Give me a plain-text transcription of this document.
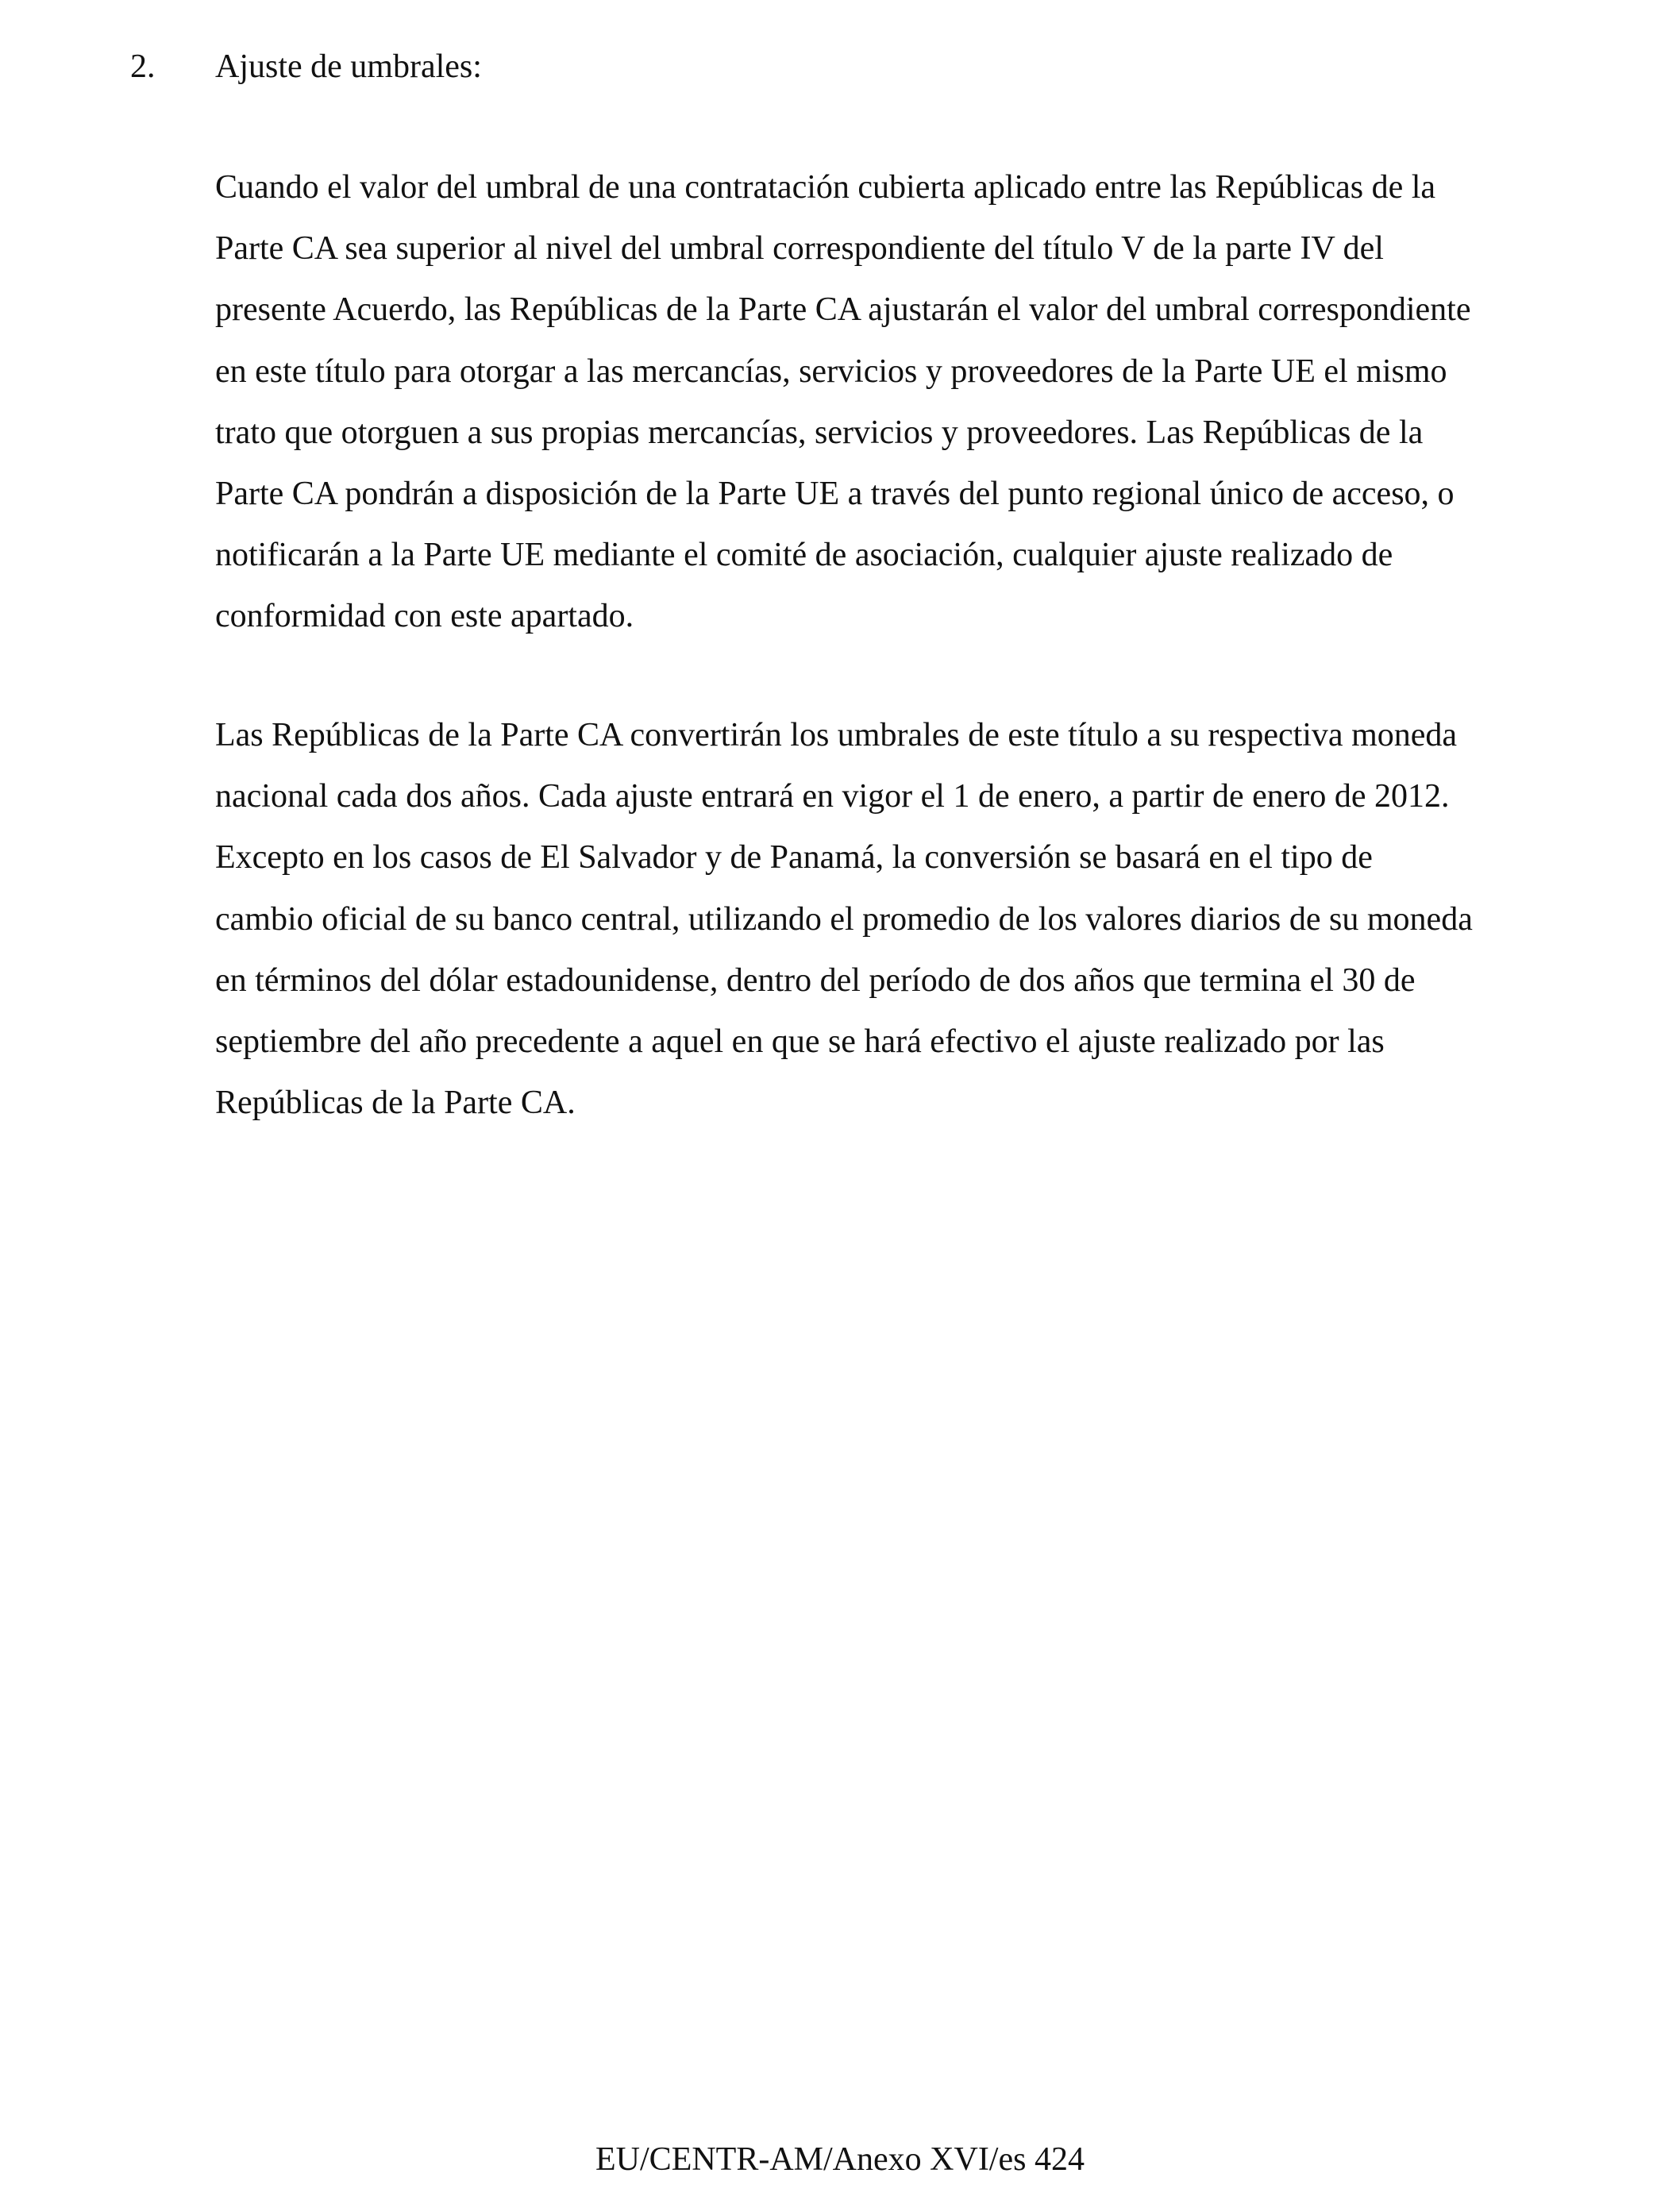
2. Ajuste de umbrales:

Cuando el valor del umbral de una contratación cubierta aplicado entre las Repúblicas de la
Parte CA sea superior al nivel del umbral correspondiente del título V de la parte IV del
presente Acuerdo, las Repúblicas de la Parte CA ajustarán el valor del umbral correspondiente
en este título para otorgar a las mercancías, servicios y proveedores de la Parte UE el mismo
trato que otorguen a sus propias mercancías, servicios y proveedores. Las Repúblicas de la
Parte CA pondrán a disposición de la Parte UE a través del punto regional único de acceso, o
notificarán a la Parte UE mediante el comité de asociación, cualquier ajuste realizado de
conformidad con este apartado.

Las Repúblicas de la Parte CA convertirán los umbrales de este título a su respectiva moneda
nacional cada dos años. Cada ajuste entrará en vigor el 1 de enero, a partir de enero de 2012.
Excepto en los casos de El Salvador y de Panamá, la conversión se basará en el tipo de
cambio oficial de su banco central, utilizando el promedio de los valores diarios de su moneda
en términos del dólar estadounidense, dentro del período de dos años que termina el 30 de
septiembre del año precedente a aquel en que se hará efectivo el ajuste realizado por las
Repúblicas de la Parte CA.

EU/CENTR-AM/Anexo XVI/es 424
